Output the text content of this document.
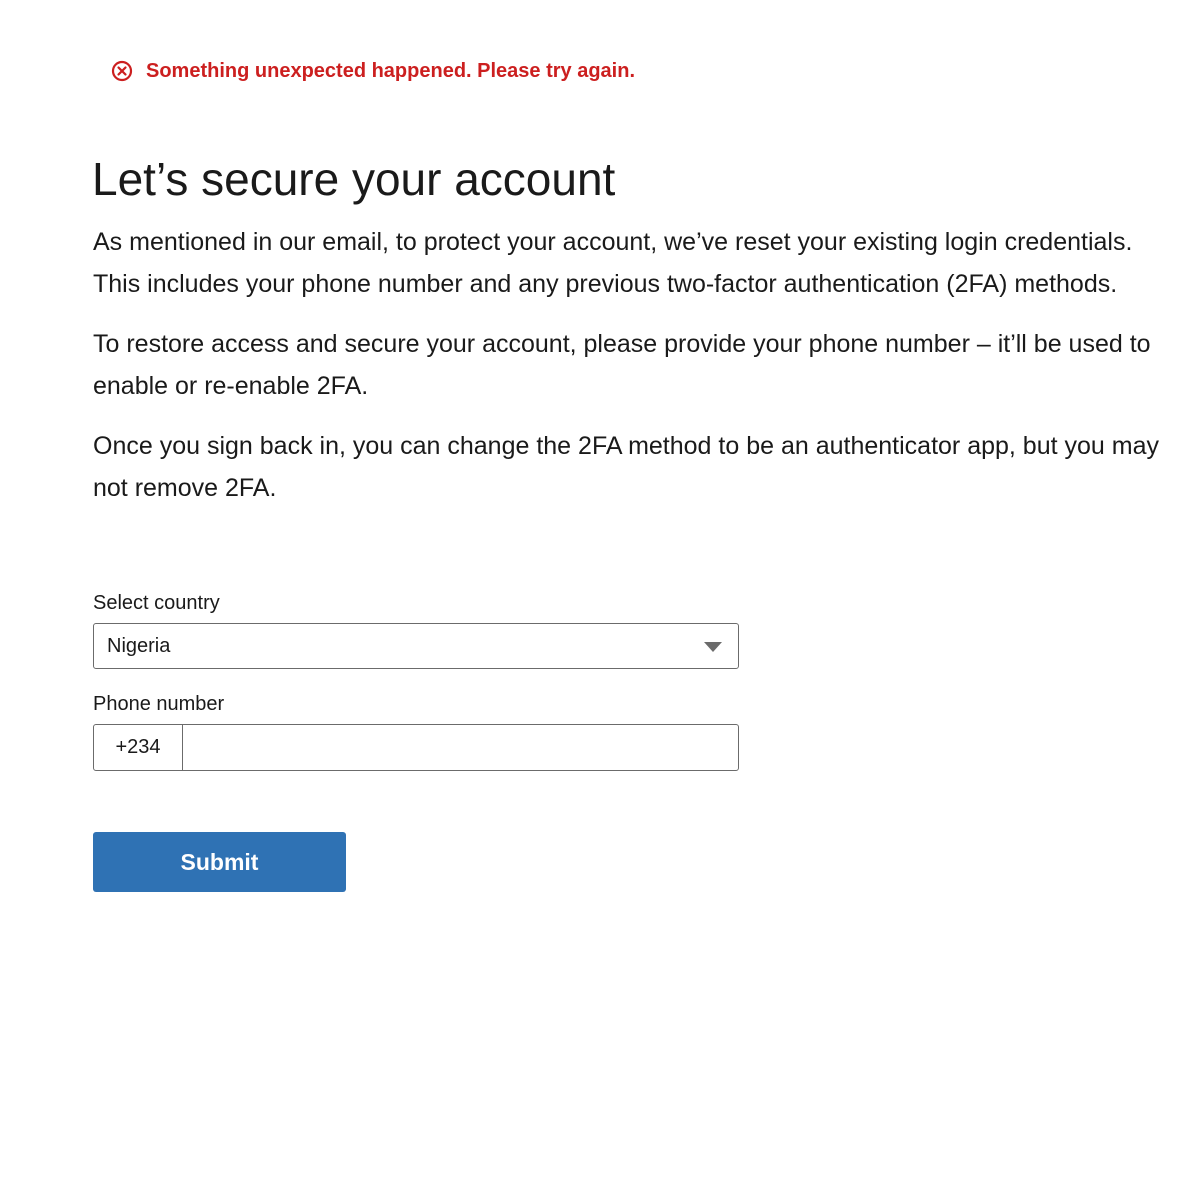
Something unexpected happened. Please try again.
Let’s secure your account

As mentioned in our email, to protect your account, we’ve reset your existing login credentials. This includes your phone number and any previous two-factor authentication (2FA) methods.

To restore access and secure your account, please provide your phone number – it’ll be used to enable or re-enable 2FA.

Once you sign back in, you can change the 2FA method to be an authenticator app, but you may not remove 2FA.

Select country
Nigeria
Phone number
+234
Submit
